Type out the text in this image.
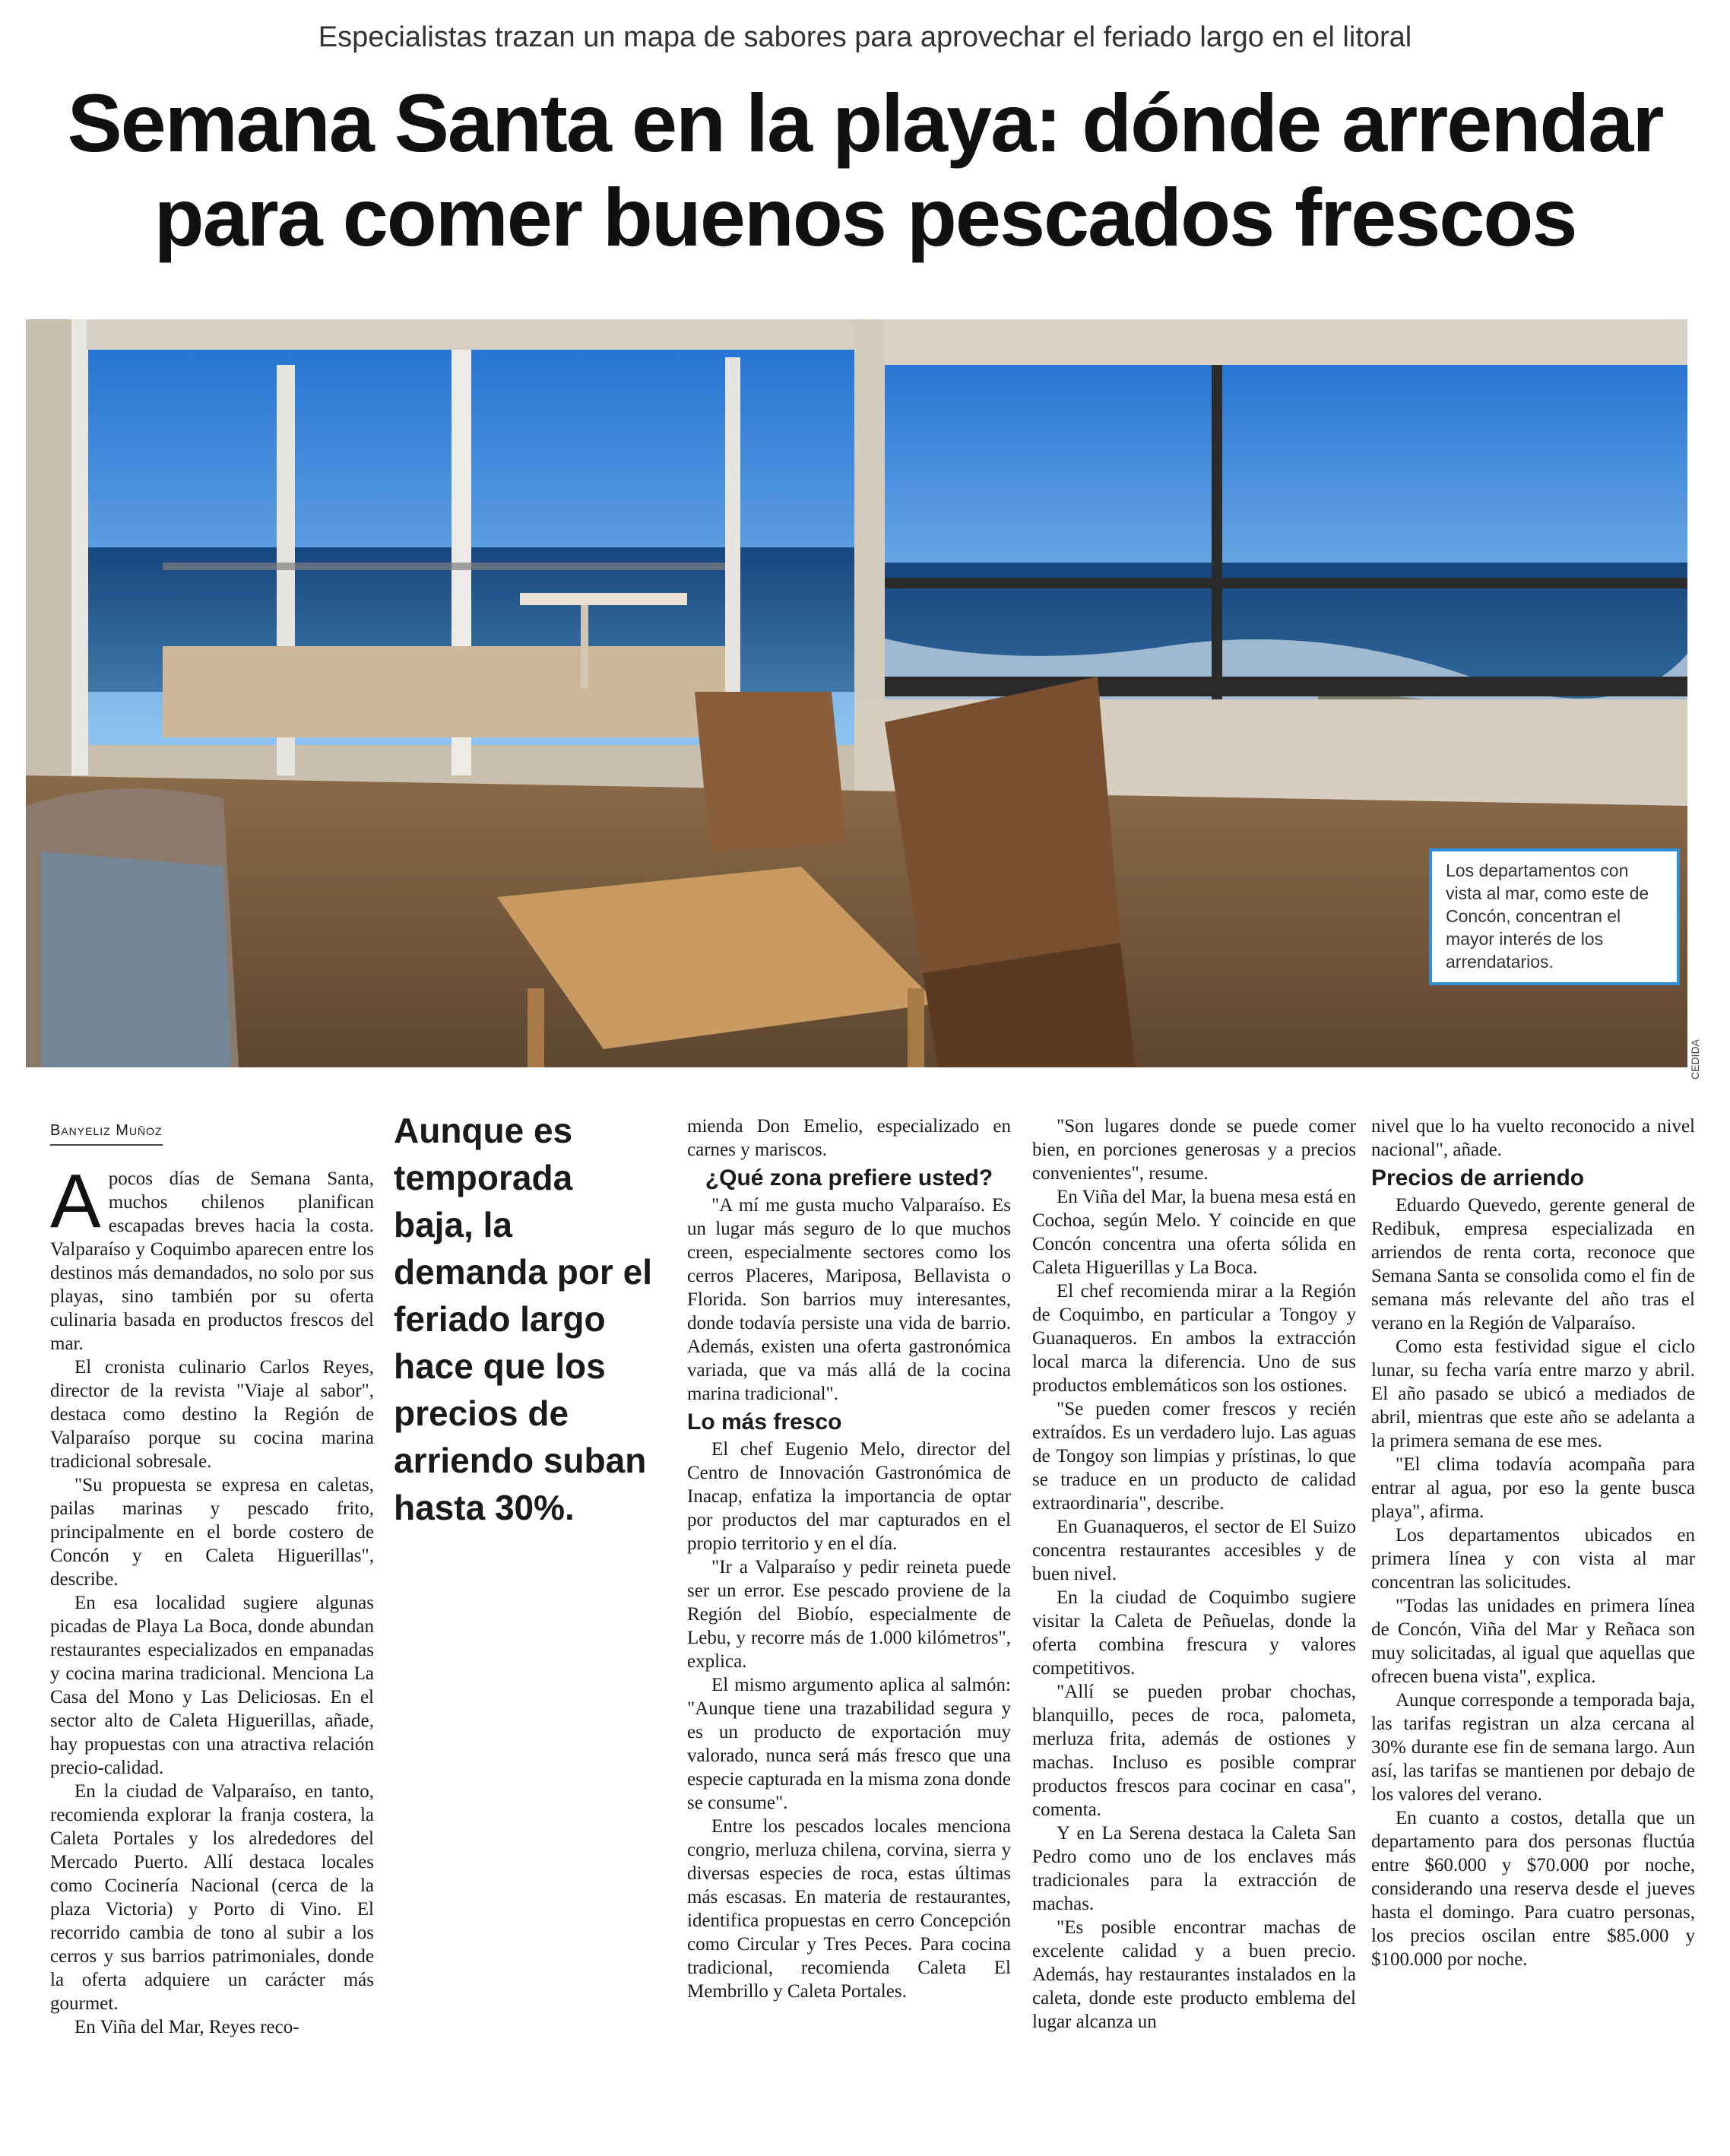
Especialistas trazan un mapa de sabores para aprovechar el feriado largo en el litoral
Semana Santa en la playa: dónde arrendar
para comer buenos pescados frescos
Los departamentos con vista al mar, como este de Concón, concentran el mayor interés de los arrendatarios.
CEDIDA
Banyeliz Muñoz

Apocos días de Semana Santa, muchos chilenos planifican escapadas breves hacia la costa. Valparaíso y Coquimbo aparecen entre los destinos más demandados, no solo por sus playas, sino también por su oferta culinaria basada en productos frescos del mar.

El cronista culinario Carlos Reyes, director de la revista "Viaje al sabor", destaca como destino la Región de Valparaíso porque su cocina marina tradicional sobresale.

"Su propuesta se expresa en caletas, pailas marinas y pescado frito, principalmente en el borde costero de Concón y en Caleta Higuerillas", describe.

En esa localidad sugiere algunas picadas de Playa La Boca, donde abundan restaurantes especializados en empanadas y cocina marina tradicional. Menciona La Casa del Mono y Las Deliciosas. En el sector alto de Caleta Higuerillas, añade, hay propuestas con una atractiva relación precio-calidad.

En la ciudad de Valparaíso, en tanto, recomienda explorar la franja costera, la Caleta Portales y los alrededores del Mercado Puerto. Allí destaca locales como Cocinería Nacional (cerca de la plaza Victoria) y Porto di Vino. El recorrido cambia de tono al subir a los cerros y sus barrios patrimoniales, donde la oferta adquiere un carácter más gourmet.

En Viña del Mar, Reyes reco-

Aunque es temporada baja, la demanda por el feriado largo hace que los precios de arriendo suban hasta 30%.

mienda Don Emelio, especializado en carnes y mariscos.

¿Qué zona prefiere usted?

"A mí me gusta mucho Valparaíso. Es un lugar más seguro de lo que muchos creen, especialmente sectores como los cerros Placeres, Mariposa, Bellavista o Florida. Son barrios muy interesantes, donde todavía persiste una vida de barrio. Además, existen una oferta gastronómica variada, que va más allá de la cocina marina tradicional".

Lo más fresco

El chef Eugenio Melo, director del Centro de Innovación Gastronómica de Inacap, enfatiza la importancia de optar por productos del mar capturados en el propio territorio y en el día.

"Ir a Valparaíso y pedir reineta puede ser un error. Ese pescado proviene de la Región del Biobío, especialmente de Lebu, y recorre más de 1.000 kilómetros", explica.

El mismo argumento aplica al salmón: "Aunque tiene una trazabilidad segura y es un producto de exportación muy valorado, nunca será más fresco que una especie capturada en la misma zona donde se consume".

Entre los pescados locales menciona congrio, merluza chilena, corvina, sierra y diversas especies de roca, estas últimas más escasas. En materia de restaurantes, identifica propuestas en cerro Concepción como Circular y Tres Peces. Para cocina tradicional, recomienda Caleta El Membrillo y Caleta Portales.

"Son lugares donde se puede comer bien, en porciones generosas y a precios convenientes", resume.

En Viña del Mar, la buena mesa está en Cochoa, según Melo. Y coincide en que Concón concentra una oferta sólida en Caleta Higuerillas y La Boca.

El chef recomienda mirar a la Región de Coquimbo, en particular a Tongoy y Guanaqueros. En ambos la extracción local marca la diferencia. Uno de sus productos emblemáticos son los ostiones.

"Se pueden comer frescos y recién extraídos. Es un verdadero lujo. Las aguas de Tongoy son limpias y prístinas, lo que se traduce en un producto de calidad extraordinaria", describe.

En Guanaqueros, el sector de El Suizo concentra restaurantes accesibles y de buen nivel.

En la ciudad de Coquimbo sugiere visitar la Caleta de Peñuelas, donde la oferta combina frescura y valores competitivos.

"Allí se pueden probar chochas, blanquillo, peces de roca, palometa, merluza frita, además de ostiones y machas. Incluso es posible comprar productos frescos para cocinar en casa", comenta.

Y en La Serena destaca la Caleta San Pedro como uno de los enclaves más tradicionales para la extracción de machas.

"Es posible encontrar machas de excelente calidad y a buen precio. Además, hay restaurantes instalados en la caleta, donde este producto emblema del lugar alcanza un

nivel que lo ha vuelto reconocido a nivel nacional", añade.

Precios de arriendo

Eduardo Quevedo, gerente general de Redibuk, empresa especializada en arriendos de renta corta, reconoce que Semana Santa se consolida como el fin de semana más relevante del año tras el verano en la Región de Valparaíso.

Como esta festividad sigue el ciclo lunar, su fecha varía entre marzo y abril. El año pasado se ubicó a mediados de abril, mientras que este año se adelanta a la primera semana de ese mes.

"El clima todavía acompaña para entrar al agua, por eso la gente busca playa", afirma.

Los departamentos ubicados en primera línea y con vista al mar concentran las solicitudes.

"Todas las unidades en primera línea de Concón, Viña del Mar y Reñaca son muy solicitadas, al igual que aquellas que ofrecen buena vista", explica.

Aunque corresponde a temporada baja, las tarifas registran un alza cercana al 30% durante ese fin de semana largo. Aun así, las tarifas se mantienen por debajo de los valores del verano.

En cuanto a costos, detalla que un departamento para dos personas fluctúa entre $60.000 y $70.000 por noche, considerando una reserva desde el jueves hasta el domingo. Para cuatro personas, los precios oscilan entre $85.000 y $100.000 por noche.
